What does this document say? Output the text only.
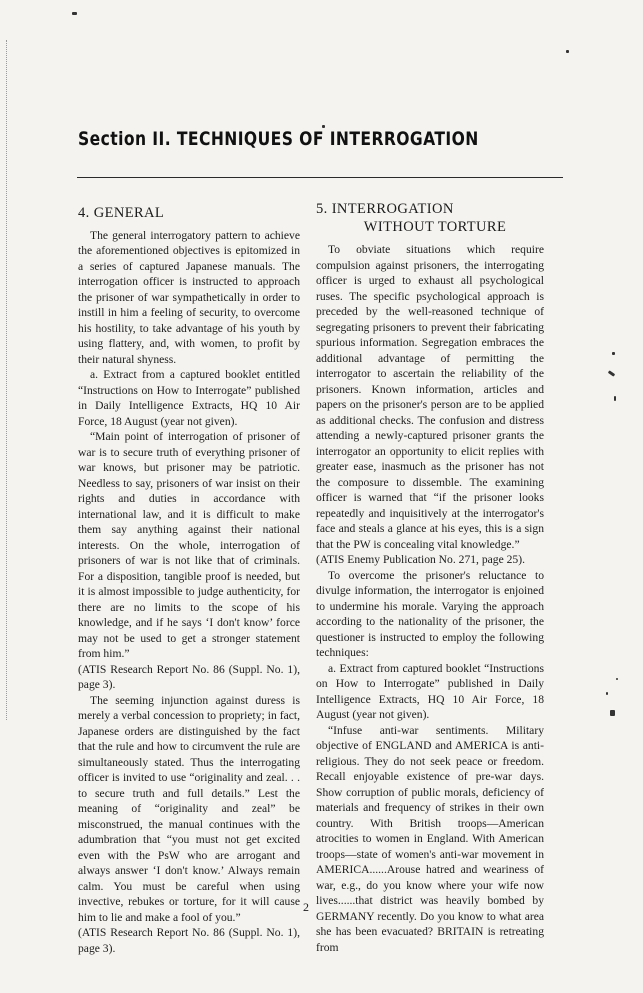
Section II. TECHNIQUES OF INTERROGATION
4. GENERAL

The general interrogatory pattern to achieve the aforementioned objectives is epitomized in a series of captured Japanese manuals. The interrogation officer is instructed to approach the prisoner of war sympathetically in order to instill in him a feeling of security, to overcome his hostility, to take advantage of his youth by using flattery, and, with women, to profit by their natural shyness.

a. Extract from a captured booklet entitled “Instructions on How to Interrogate” published in Daily Intelligence Extracts, HQ 10 Air Force, 18 August (year not given).

“Main point of interrogation of prisoner of war is to secure truth of everything prisoner of war knows, but prisoner may be patriotic. Needless to say, prisoners of war insist on their rights and duties in accordance with international law, and it is difficult to make them say anything against their national interests. On the whole, interrogation of prisoners of war is not like that of criminals. For a disposition, tangible proof is needed, but it is almost impossible to judge authenticity, for there are no limits to the scope of his knowledge, and if he says ‘I don't know’ force may not be used to get a stronger statement from him.”

(ATIS Research Report No. 86 (Suppl. No. 1), page 3).

The seeming injunction against duress is merely a verbal concession to propriety; in fact, Japanese orders are distinguished by the fact that the rule and how to circumvent the rule are simultaneously stated. Thus the interrogating officer is invited to use “originality and zeal. . . to secure truth and full details.” Lest the meaning of “originality and zeal” be misconstrued, the manual continues with the adumbration that “you must not get excited even with the PsW who are arrogant and always answer ‘I don't know.’ Always remain calm. You must be careful when using invective, rebukes or torture, for it will cause him to lie and make a fool of you.”

(ATIS Research Report No. 86 (Suppl. No. 1), page 3).

5. INTERROGATION
WITHOUT TORTURE

To obviate situations which require compulsion against prisoners, the interrogating officer is urged to exhaust all psychological ruses. The specific psychological approach is preceded by the well-reasoned technique of segregating prisoners to prevent their fabricating spurious information. Segregation embraces the additional advantage of permitting the interrogator to ascertain the reliability of the prisoners. Known information, articles and papers on the prisoner's person are to be applied as additional checks. The confusion and distress attending a newly-captured prisoner grants the interrogator an opportunity to elicit replies with greater ease, inasmuch as the prisoner has not the composure to dissemble. The examining officer is warned that “if the prisoner looks repeatedly and inquisitively at the interrogator's face and steals a glance at his eyes, this is a sign that the PW is concealing vital knowledge.”

(ATIS Enemy Publication No. 271, page 25).

To overcome the prisoner's reluctance to divulge information, the interrogator is enjoined to undermine his morale. Varying the approach according to the nationality of the prisoner, the questioner is instructed to employ the following techniques:

a. Extract from captured booklet “Instructions on How to Interrogate” published in Daily Intelligence Extracts, HQ 10 Air Force, 18 August (year not given).

“Infuse anti-war sentiments. Military objective of ENGLAND and AMERICA is anti-religious. They do not seek peace or freedom. Recall enjoyable existence of pre-war days. Show corruption of public morals, deficiency of materials and frequency of strikes in their own country. With British troops—American atrocities to women in England. With American troops—state of women's anti-war movement in AMERICA......Arouse hatred and weariness of war, e.g., do you know where your wife now lives......that district was heavily bombed by GERMANY recently. Do you know to what area she has been evacuated? BRITAIN is retreating from

2
